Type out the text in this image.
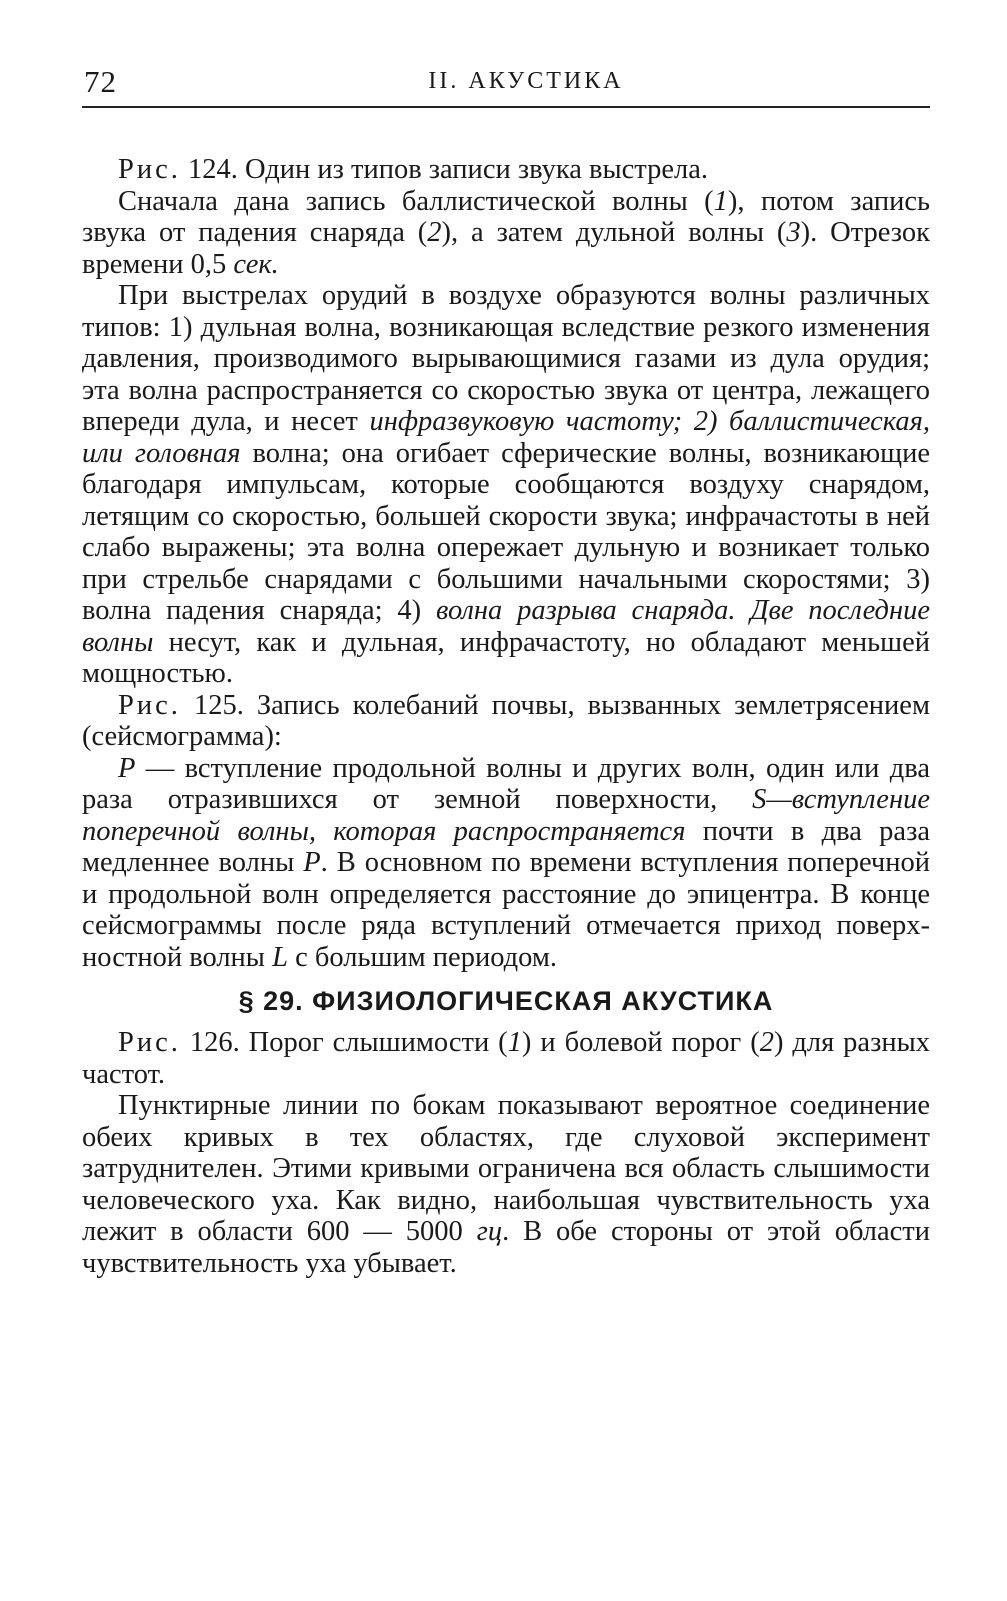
72	II. АКУСТИКА

Рис. 124. Один из типов записи звука выстрела.

Сначала дана запись баллистической волны (1), потом запись звука от падения снаряда (2), а затем дульной волны (3). Отрезок времени 0,5 сек.

При выстрелах орудий в воздухе образуются волны различных типов: 1) дульная волна, возникающая вследствие резкого изменения давления, производимого вырывающимися газами из дула орудия; эта волна распространяется со скоростью звука от центра, лежащего впереди дула, и несет инфразвуковую частоту; 2) баллистическая, или головная волна; она огибает сферические волны, возникающие благодаря импульсам, которые сообщаются воздуху снарядом, летящим со скоростью, большей скорости звука; инфрачастоты в ней слабо выражены; эта волна опережает дульную и возникает только при стрельбе снарядами с большими начальными скоростями; 3) волна падения снаряда; 4) волна разрыва снаряда. Две последние волны несут, как и дульная, инфрачастоту, но обладают меньшей мощностью.

Рис. 125. Запись колебаний почвы, вызванных землетрясением (сейсмограмма):

P — вступление продольной волны и других волн, один или два раза отразившихся от земной поверхности, S—вступление поперечной волны, которая распространяется почти в два раза медленнее волны P. В основном по времени вступления поперечной и продольной волн определяется расстояние до эпицентра. В конце сейсмограммы после ряда вступлений отмечается приход поверхностной волны L с большим периодом.

§ 29. ФИЗИОЛОГИЧЕСКАЯ АКУСТИКА

Рис. 126. Порог слышимости (1) и болевой порог (2) для разных частот.

Пунктирные линии по бокам показывают вероятное соединение обеих кривых в тех областях, где слуховой эксперимент затруднителен. Этими кривыми ограничена вся область слышимости человеческого уха. Как видно, наибольшая чувствительность уха лежит в области 600 — 5000 гц. В обе стороны от этой области чувствительность уха убывает.
